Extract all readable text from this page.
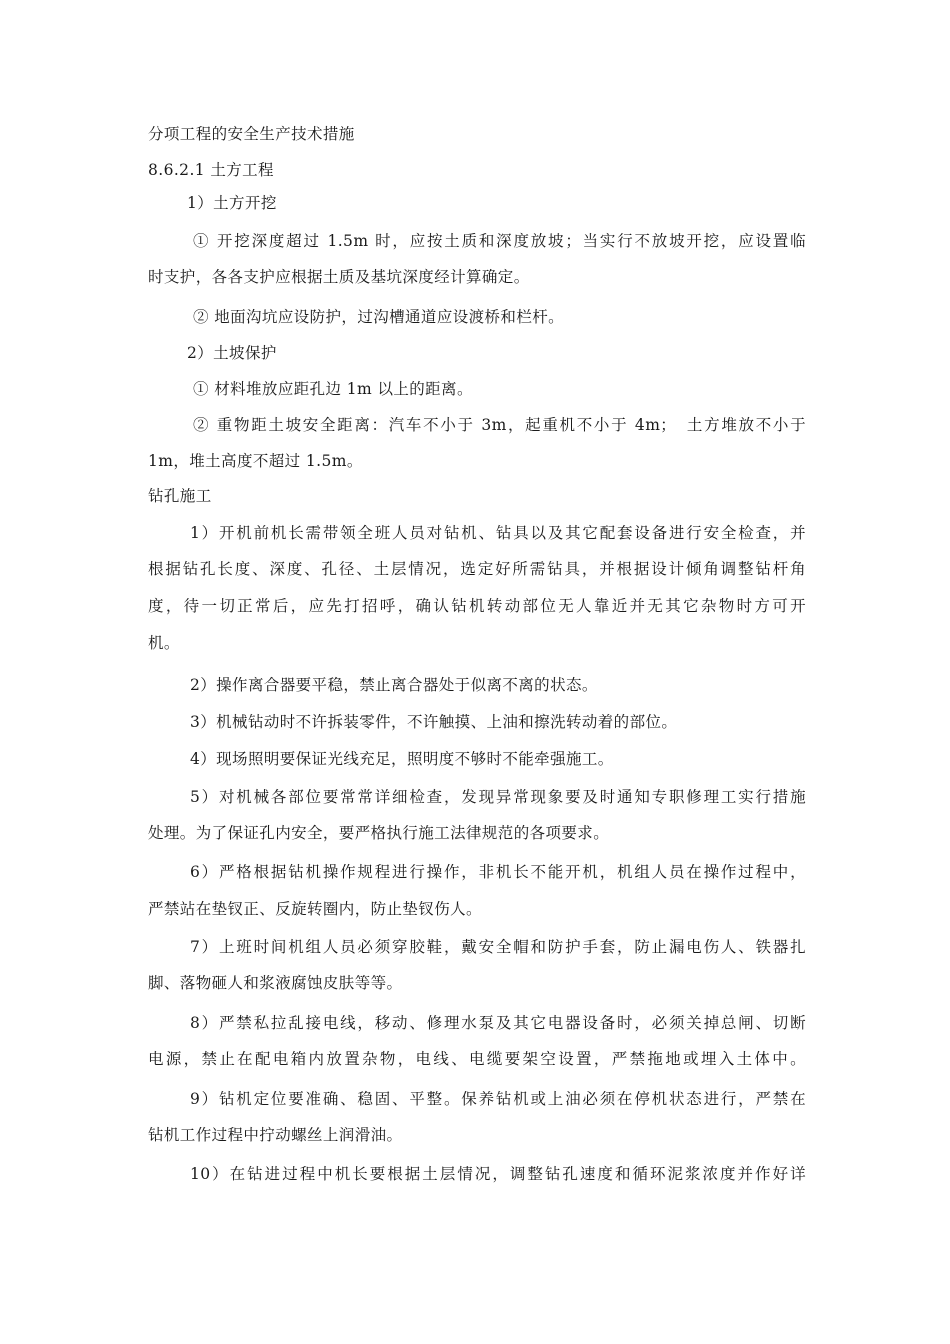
分项工程的安全生产技术措施
8.6.2.1 土方工程
1）土方开挖
① 开挖深度超过 1.5m 时，应按土质和深度放坡；当实行不放坡开挖，应设置临
时支护，各各支护应根据土质及基坑深度经计算确定。
② 地面沟坑应设防护，过沟槽通道应设渡桥和栏杆。
2）土坡保护
① 材料堆放应距孔边 1m 以上的距离。
② 重物距土坡安全距离：汽车不小于 3m，起重机不小于 4m；　土方堆放不小于
1m，堆土高度不超过 1.5m。
钻孔施工
1）开机前机长需带领全班人员对钻机、钻具以及其它配套设备进行安全检查，并
根据钻孔长度、深度、孔径、土层情况，选定好所需钻具，并根据设计倾角调整钻杆角
度，待一切正常后，应先打招呼，确认钻机转动部位无人靠近并无其它杂物时方可开
机。
2）操作离合器要平稳，禁止离合器处于似离不离的状态。
3）机械钻动时不许拆装零件，不许触摸、上油和擦洗转动着的部位。
4）现场照明要保证光线充足，照明度不够时不能牵强施工。
5）对机械各部位要常常详细检查，发现异常现象要及时通知专职修理工实行措施
处理。为了保证孔内安全，要严格执行施工法律规范的各项要求。
6）严格根据钻机操作规程进行操作，非机长不能开机，机组人员在操作过程中，
严禁站在垫钗正、反旋转圈内，防止垫钗伤人。
7）上班时间机组人员必须穿胶鞋，戴安全帽和防护手套，防止漏电伤人、铁器扎
脚、落物砸人和浆液腐蚀皮肤等等。
8）严禁私拉乱接电线，移动、修理水泵及其它电器设备时，必须关掉总闸、切断
电源，禁止在配电箱内放置杂物，电线、电缆要架空设置，严禁拖地或埋入土体中。
9）钻机定位要准确、稳固、平整。保养钻机或上油必须在停机状态进行，严禁在
钻机工作过程中拧动螺丝上润滑油。
10）在钻进过程中机长要根据土层情况，调整钻孔速度和循环泥浆浓度并作好详
